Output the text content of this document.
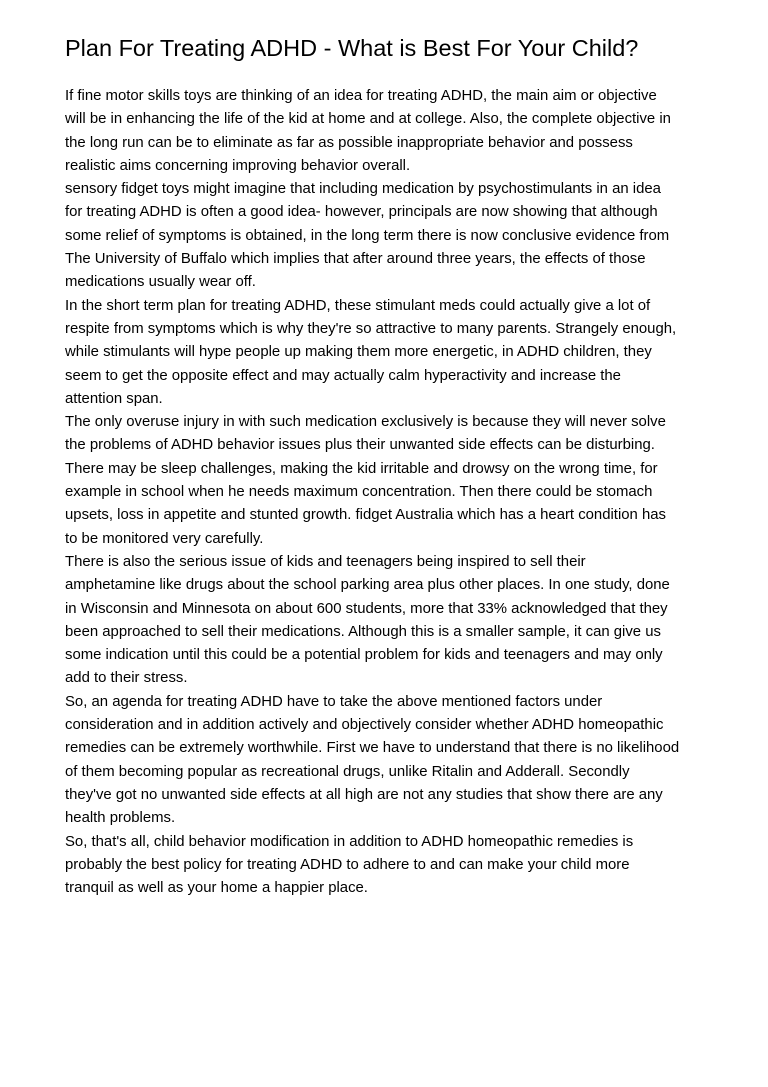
Plan For Treating ADHD - What is Best For Your Child?
If fine motor skills toys are thinking of an idea for treating ADHD, the main aim or objective
will be in enhancing the life of the kid at home and at college. Also, the complete objective in
the long run can be to eliminate as far as possible inappropriate behavior and possess
realistic aims concerning improving behavior overall.
sensory fidget toys might imagine that including medication by psychostimulants in an idea
for treating ADHD is often a good idea- however, principals are now showing that although
some relief of symptoms is obtained, in the long term there is now conclusive evidence from
The University of Buffalo which implies that after around three years, the effects of those
medications usually wear off.
In the short term plan for treating ADHD, these stimulant meds could actually give a lot of
respite from symptoms which is why they're so attractive to many parents. Strangely enough,
while stimulants will hype people up making them more energetic, in ADHD children, they
seem to get the opposite effect and may actually calm hyperactivity and increase the
attention span.
The only overuse injury in with such medication exclusively is because they will never solve
the problems of ADHD behavior issues plus their unwanted side effects can be disturbing.
There may be sleep challenges, making the kid irritable and drowsy on the wrong time, for
example in school when he needs maximum concentration. Then there could be stomach
upsets, loss in appetite and stunted growth. fidget Australia which has a heart condition has
to be monitored very carefully.
There is also the serious issue of kids and teenagers being inspired to sell their
amphetamine like drugs about the school parking area plus other places. In one study, done
in Wisconsin and Minnesota on about 600 students, more that 33% acknowledged that they
been approached to sell their medications. Although this is a smaller sample, it can give us
some indication until this could be a potential problem for kids and teenagers and may only
add to their stress.
So, an agenda for treating ADHD have to take the above mentioned factors under
consideration and in addition actively and objectively consider whether ADHD homeopathic
remedies can be extremely worthwhile. First we have to understand that there is no likelihood
of them becoming popular as recreational drugs, unlike Ritalin and Adderall. Secondly
they've got no unwanted side effects at all high are not any studies that show there are any
health problems.
So, that's all, child behavior modification in addition to ADHD homeopathic remedies is
probably the best policy for treating ADHD to adhere to and can make your child more
tranquil as well as your home a happier place.
